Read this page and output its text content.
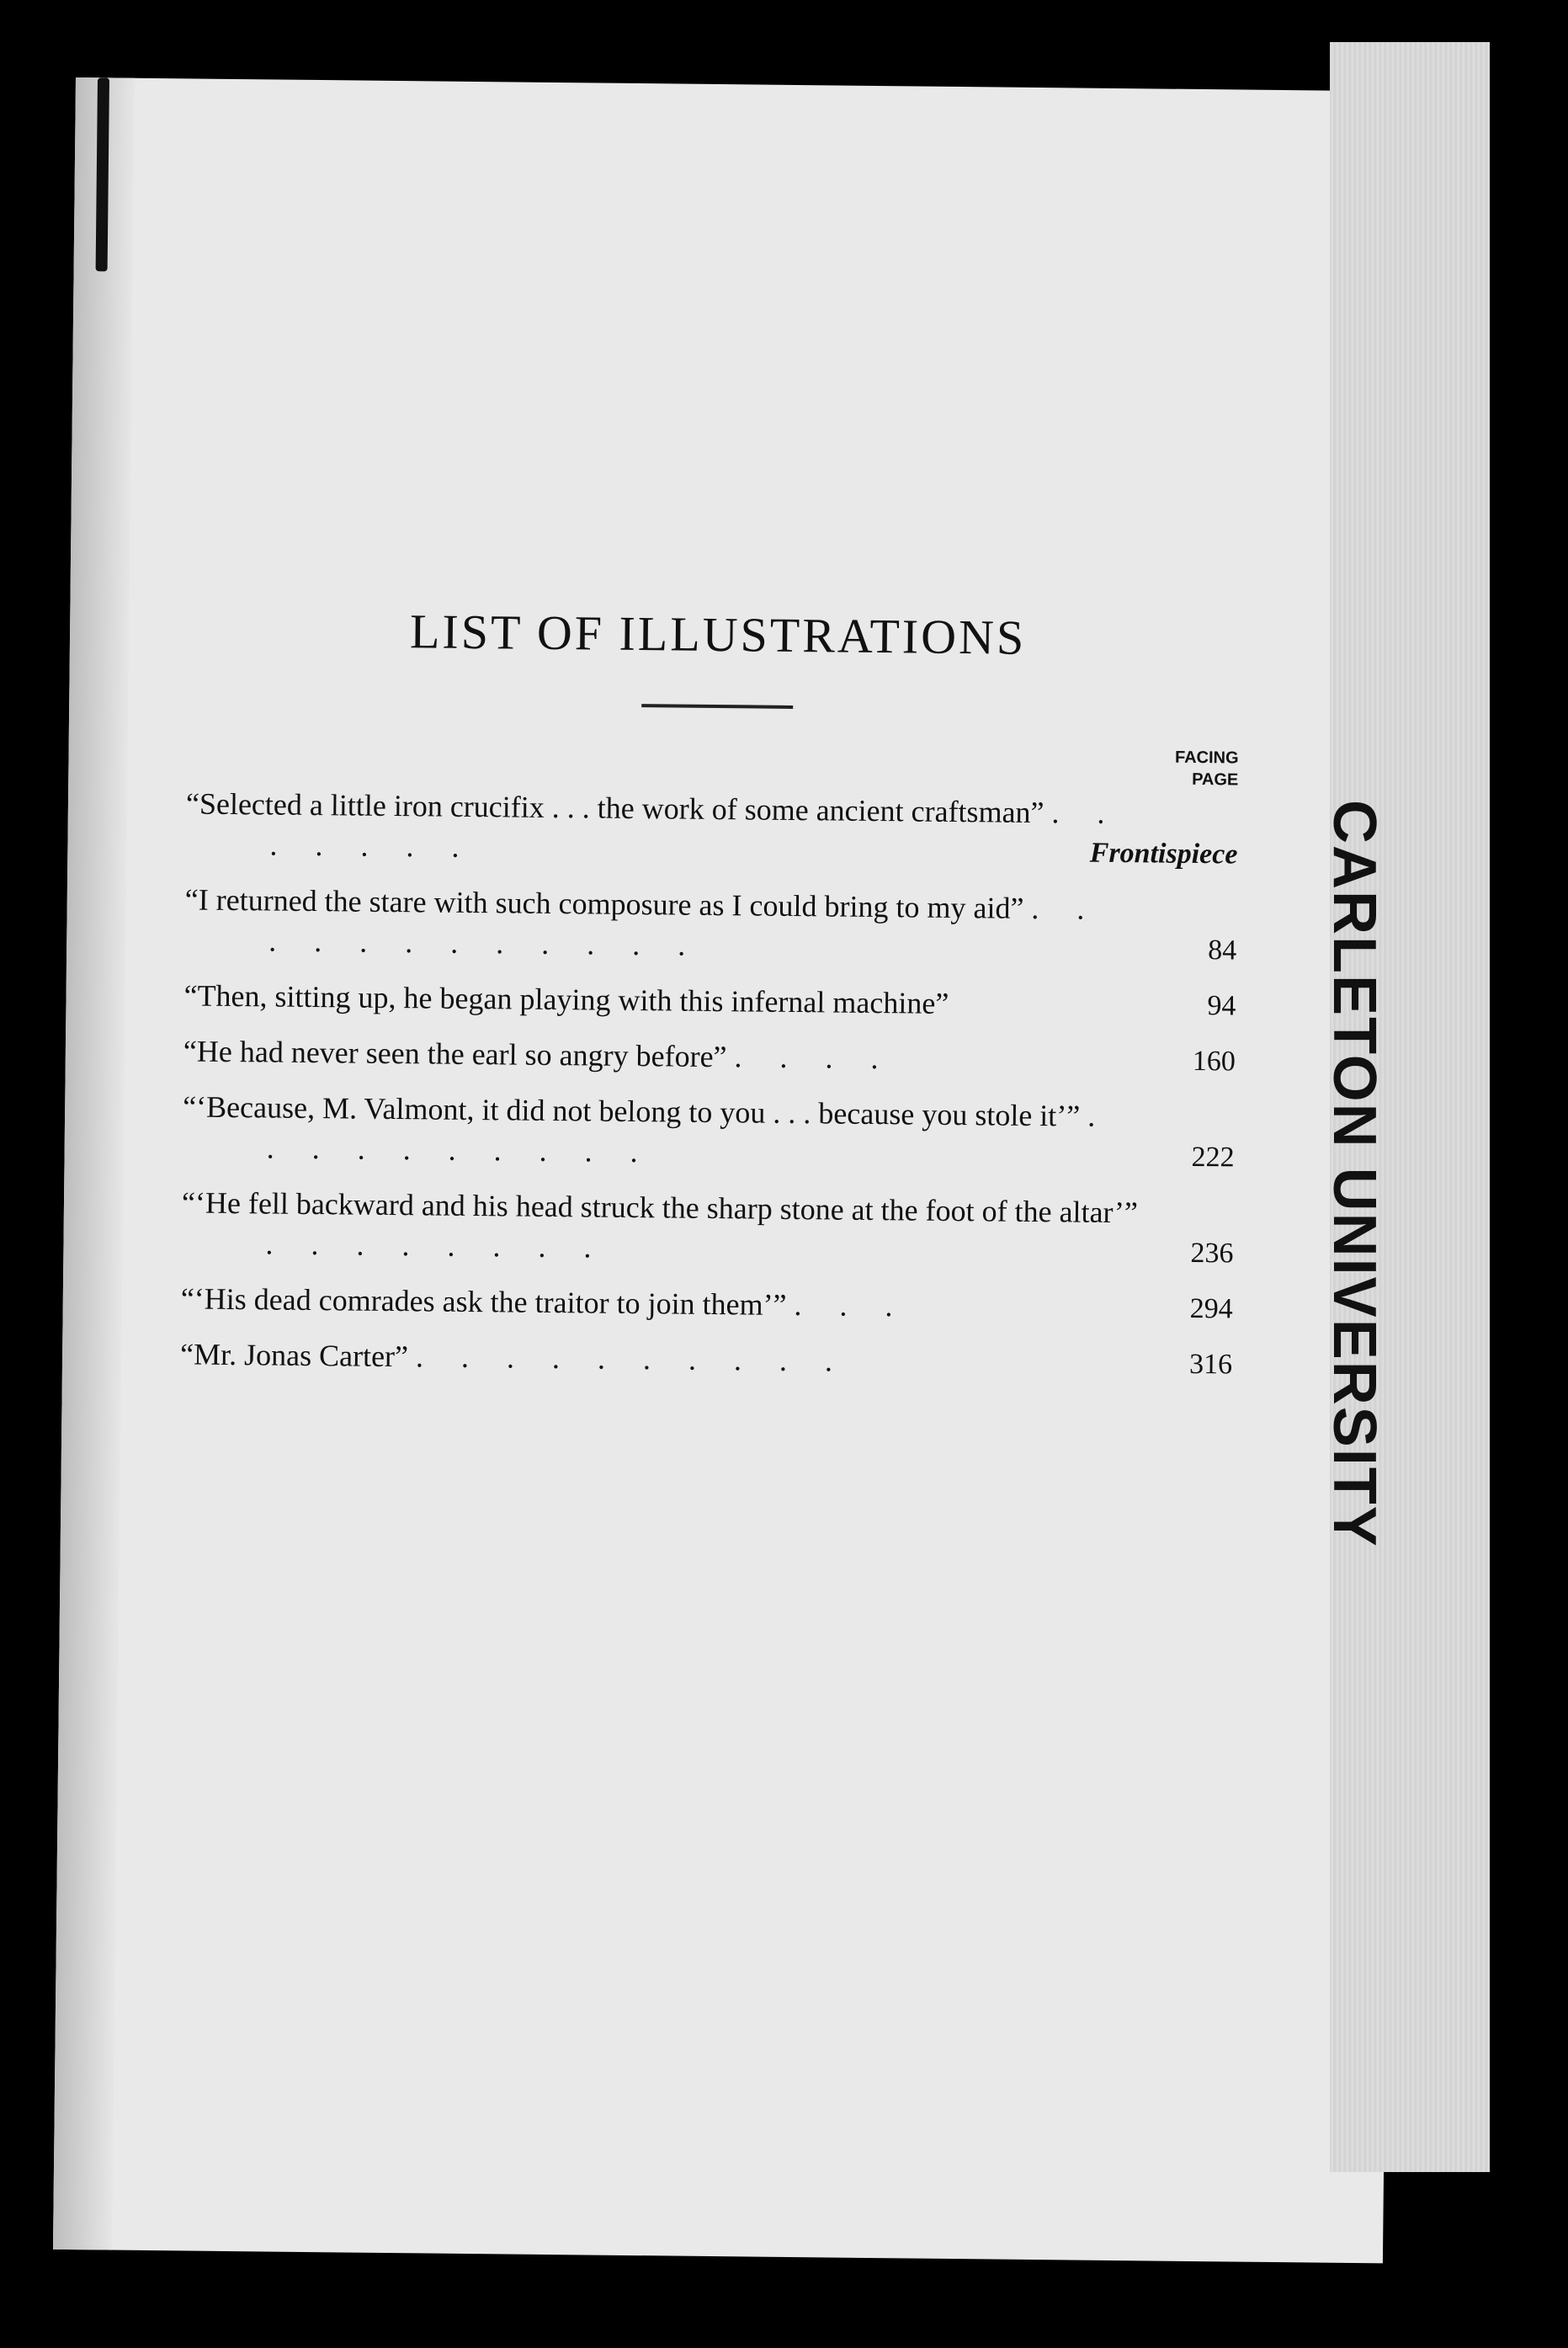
LIST OF ILLUSTRATIONS
FACING
PAGE
“Selected a little iron crucifix . . . the work of some ancient craftsman” . . . . . . .	Frontispiece
“I returned the stare with such composure as I could bring to my aid” . . . . . . . . . . . .	84
“Then, sitting up, he began playing with this infernal machine”	94
“He had never seen the earl so angry before” . . . .	160
“‘Because, M. Valmont, it did not belong to you . . . because you stole it’” . . . . . . . . . .	222
“‘He fell backward and his head struck the sharp stone at the foot of the altar’” . . . . . . . .	236
“‘His dead comrades ask the traitor to join them’” . . .	294
“Mr. Jonas Carter” . . . . . . . . . .	316 CARLETON UNIVERSITY
